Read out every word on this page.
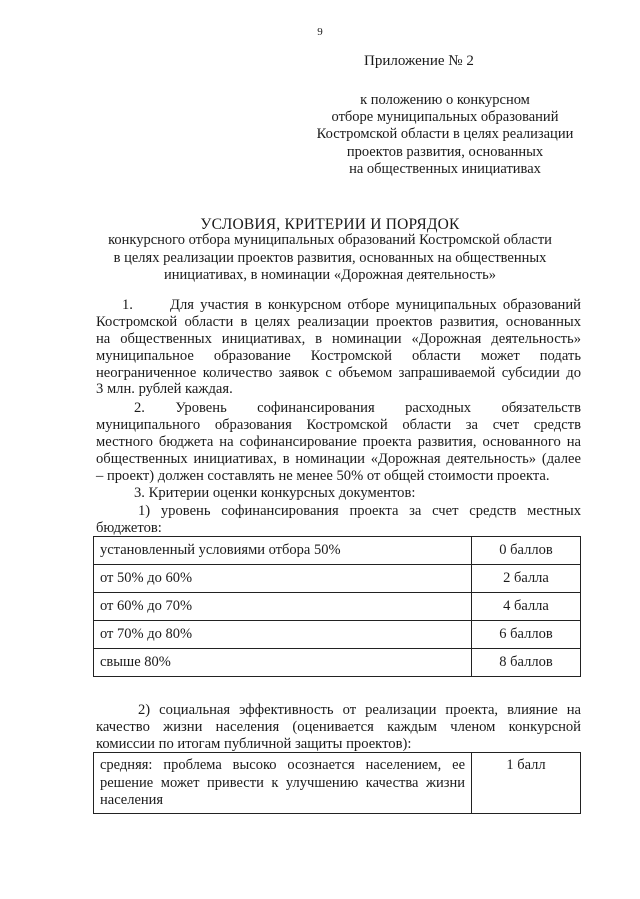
9
Приложение № 2
к положению о конкурсном
отборе муниципальных образований
Костромской области в целях реализации
проектов развития, основанных
на общественных инициативах
УСЛОВИЯ, КРИТЕРИИ И ПОРЯДОК
конкурсного отбора муниципальных образований Костромской области
в целях реализации проектов развития, основанных на общественных
инициативах, в номинации «Дорожная деятельность»
1.      Для участия в конкурсном отборе муниципальных образований
Костромской области в целях реализации проектов развития, основанных
на общественных инициативах, в номинации «Дорожная деятельность»
муниципальное образование Костромской области может подать
неограниченное количество заявок с объемом запрашиваемой субсидии до
3 млн. рублей каждая.
2. Уровень софинансирования расходных обязательств
муниципального образования Костромской области за счет средств
местного бюджета на софинансирование проекта развития, основанного на
общественных инициативах, в номинации «Дорожная деятельность» (далее
– проект) должен составлять не менее 50% от общей стоимости проекта.
3. Критерии оценки конкурсных документов:
1) уровень софинансирования проекта за счет средств местных
бюджетов:
установленный условиями отбора 50%	0 баллов
от 50% до 60%	2 балла
от 60% до 70%	4 балла
от 70% до 80%	6 баллов
свыше 80%	8 баллов
2) социальная эффективность от реализации проекта, влияние на
качество жизни населения (оценивается каждым членом конкурсной
комиссии по итогам публичной защиты проектов):
средняя: проблема высоко осознается населением, ее решение может привести к улучшению качества жизни населения	1 балл
